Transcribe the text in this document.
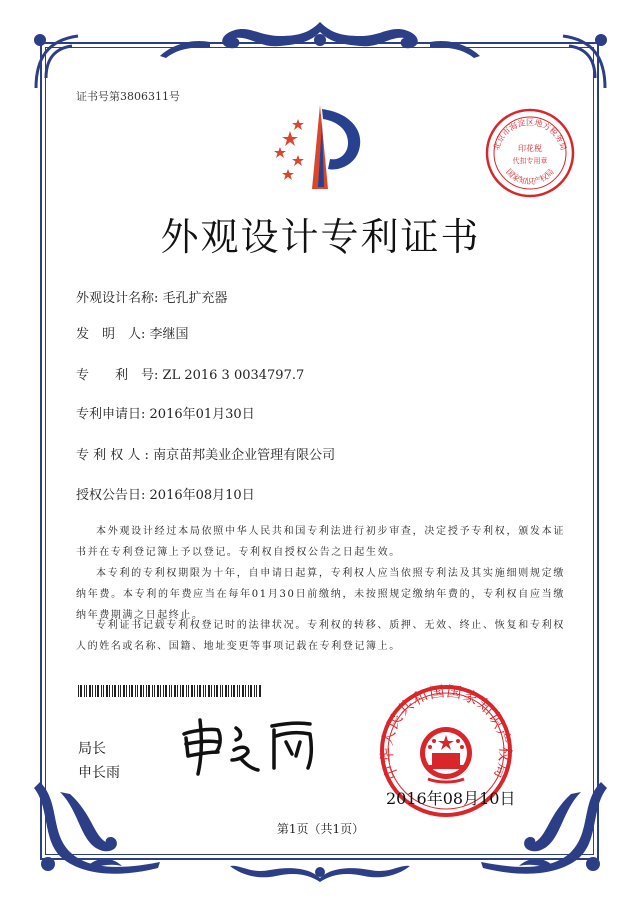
证书号第3806311号
北京市海淀区地方税务局
印花税
代扣专用章
国家知识产权局
外观设计专利证书
外观设计名称: 毛孔扩充器
发　明　人: 李继国
专　　利　号: ZL 2016 3 0034797.7
专利申请日: 2016年01月30日
专 利 权 人 : 南京苗邦美业企业管理有限公司
授权公告日: 2016年08月10日
本外观设计经过本局依照中华人民共和国专利法进行初步审查，决定授予专利权，颁发本证书并在专利登记簿上予以登记。专利权自授权公告之日起生效。
本专利的专利权期限为十年，自申请日起算，专利权人应当依照专利法及其实施细则规定缴纳年费。本专利的年费应当在每年01月30日前缴纳，未按照规定缴纳年费的，专利权自应当缴纳年费期满之日起终止。
专利证书记载专利权登记时的法律状况。专利权的转移、质押、无效、终止、恢复和专利权人的姓名或名称、国籍、地址变更等事项记载在专利登记簿上。
局长
申长雨	中华人民共和国国家知识产权局
2016年08月10日
第1页（共1页）
